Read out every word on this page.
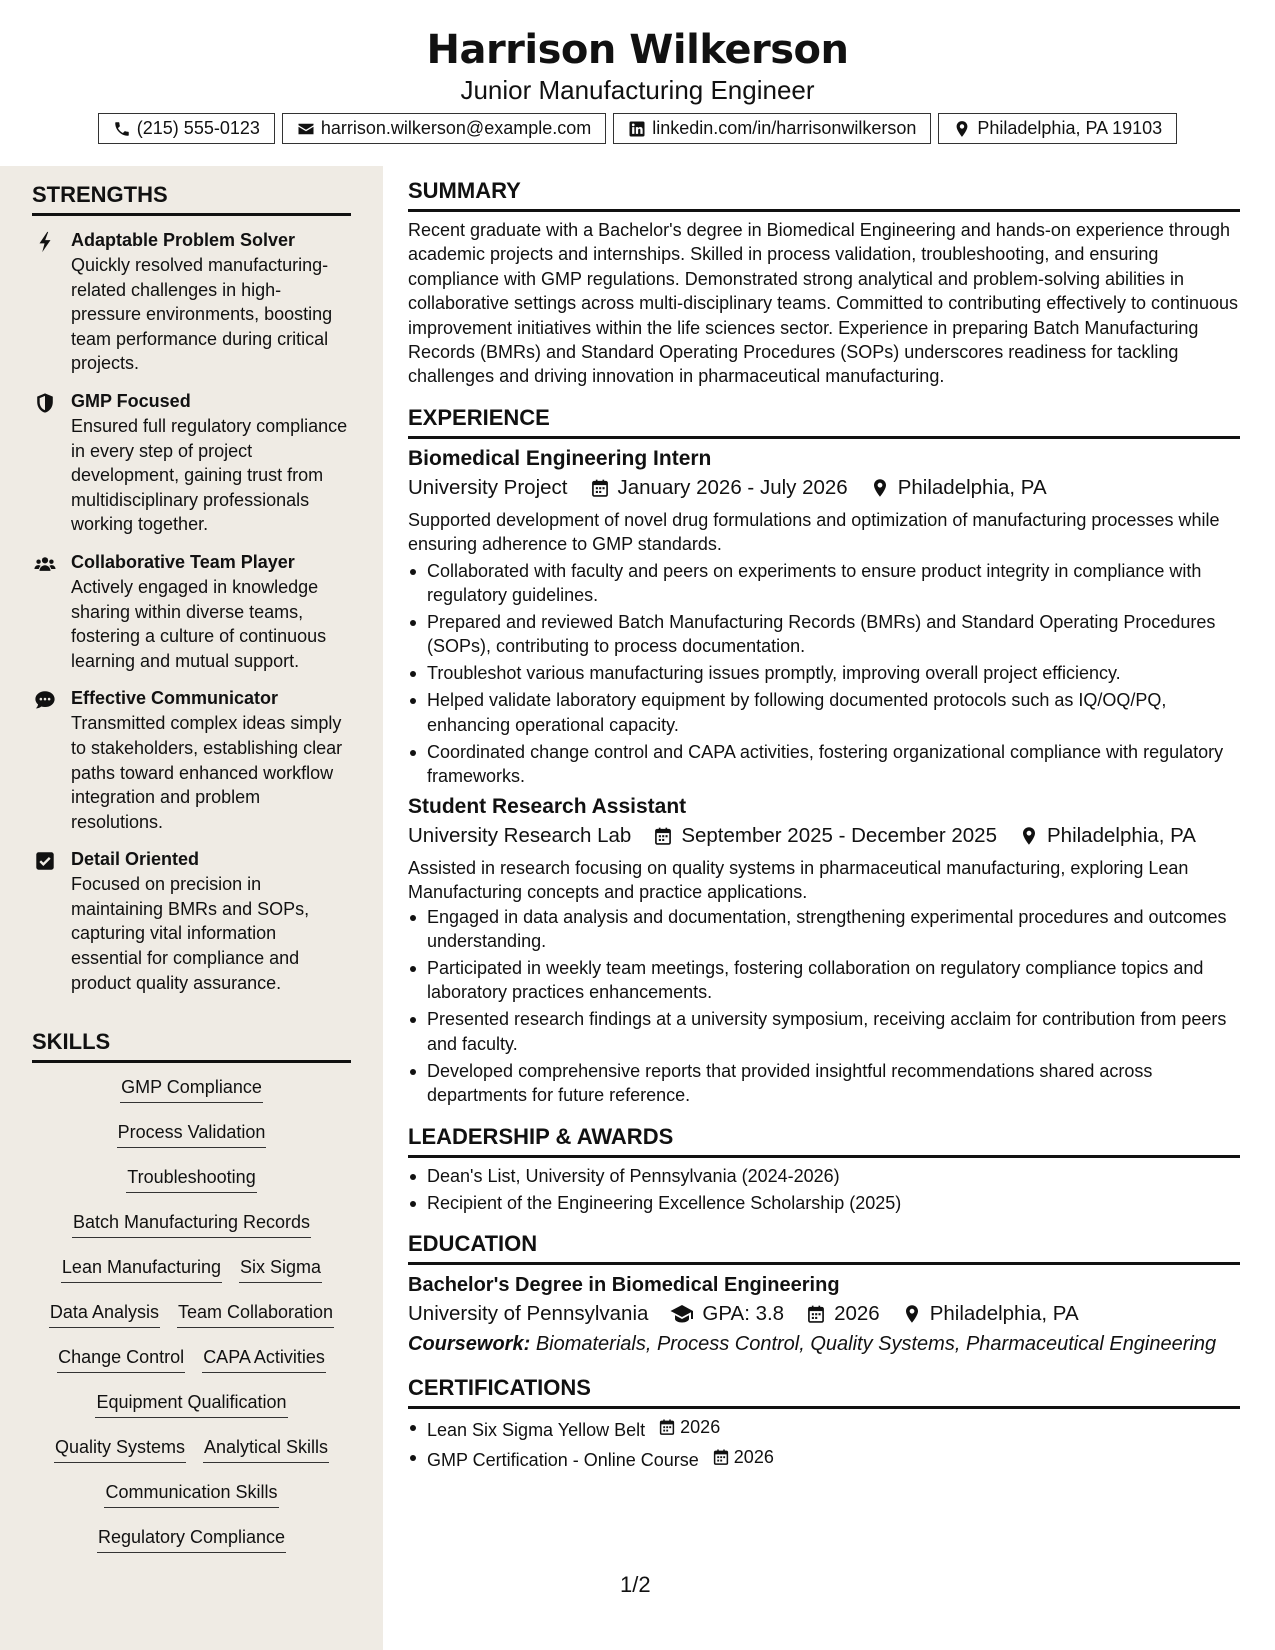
Harrison Wilkerson
Junior Manufacturing Engineer
(215) 555-0123	harrison.wilkerson@example.com	linkedin.com/in/harrisonwilkerson	Philadelphia, PA 19103
STRENGTHS
Adaptable Problem Solver
Quickly resolved manufacturing-related challenges in high-pressure environments, boosting team performance during critical projects.
GMP Focused
Ensured full regulatory compliance in every step of project development, gaining trust from multidisciplinary professionals working together.
Collaborative Team Player
Actively engaged in knowledge sharing within diverse teams, fostering a culture of continuous learning and mutual support.
Effective Communicator
Transmitted complex ideas simply to stakeholders, establishing clear paths toward enhanced workflow integration and problem resolutions.
Detail Oriented
Focused on precision in maintaining BMRs and SOPs, capturing vital information essential for compliance and product quality assurance.
SKILLS
GMP Compliance
Process Validation
Troubleshooting
Batch Manufacturing Records
Lean Manufacturing Six Sigma
Data Analysis Team Collaboration
Change Control CAPA Activities
Equipment Qualification
Quality Systems Analytical Skills
Communication Skills
Regulatory Compliance
SUMMARY
Recent graduate with a Bachelor's degree in Biomedical Engineering and hands-on experience through academic projects and internships. Skilled in process validation, troubleshooting, and ensuring compliance with GMP regulations. Demonstrated strong analytical and problem-solving abilities in collaborative settings across multi-disciplinary teams. Committed to contributing effectively to continuous improvement initiatives within the life sciences sector. Experience in preparing Batch Manufacturing Records (BMRs) and Standard Operating Procedures (SOPs) underscores readiness for tackling challenges and driving innovation in pharmaceutical manufacturing.
EXPERIENCE
Biomedical Engineering Intern
University Project January 2026 - July 2026 Philadelphia, PA
Supported development of novel drug formulations and optimization of manufacturing processes while ensuring adherence to GMP standards.
Collaborated with faculty and peers on experiments to ensure product integrity in compliance with regulatory guidelines.
Prepared and reviewed Batch Manufacturing Records (BMRs) and Standard Operating Procedures (SOPs), contributing to process documentation.
Troubleshot various manufacturing issues promptly, improving overall project efficiency.
Helped validate laboratory equipment by following documented protocols such as IQ/OQ/PQ, enhancing operational capacity.
Coordinated change control and CAPA activities, fostering organizational compliance with regulatory frameworks.
Student Research Assistant
University Research Lab September 2025 - December 2025 Philadelphia, PA
Assisted in research focusing on quality systems in pharmaceutical manufacturing, exploring Lean Manufacturing concepts and practice applications.
Engaged in data analysis and documentation, strengthening experimental procedures and outcomes understanding.
Participated in weekly team meetings, fostering collaboration on regulatory compliance topics and laboratory practices enhancements.
Presented research findings at a university symposium, receiving acclaim for contribution from peers and faculty.
Developed comprehensive reports that provided insightful recommendations shared across departments for future reference.
LEADERSHIP & AWARDS
Dean's List, University of Pennsylvania (2024-2026)
Recipient of the Engineering Excellence Scholarship (2025)
EDUCATION
Bachelor's Degree in Biomedical Engineering
University of Pennsylvania	GPA: 3.8 2026 Philadelphia, PA
Coursework: Biomaterials, Process Control, Quality Systems, Pharmaceutical Engineering
CERTIFICATIONS
Lean Six Sigma Yellow Belt 2026
GMP Certification - Online Course 2026
1/2
